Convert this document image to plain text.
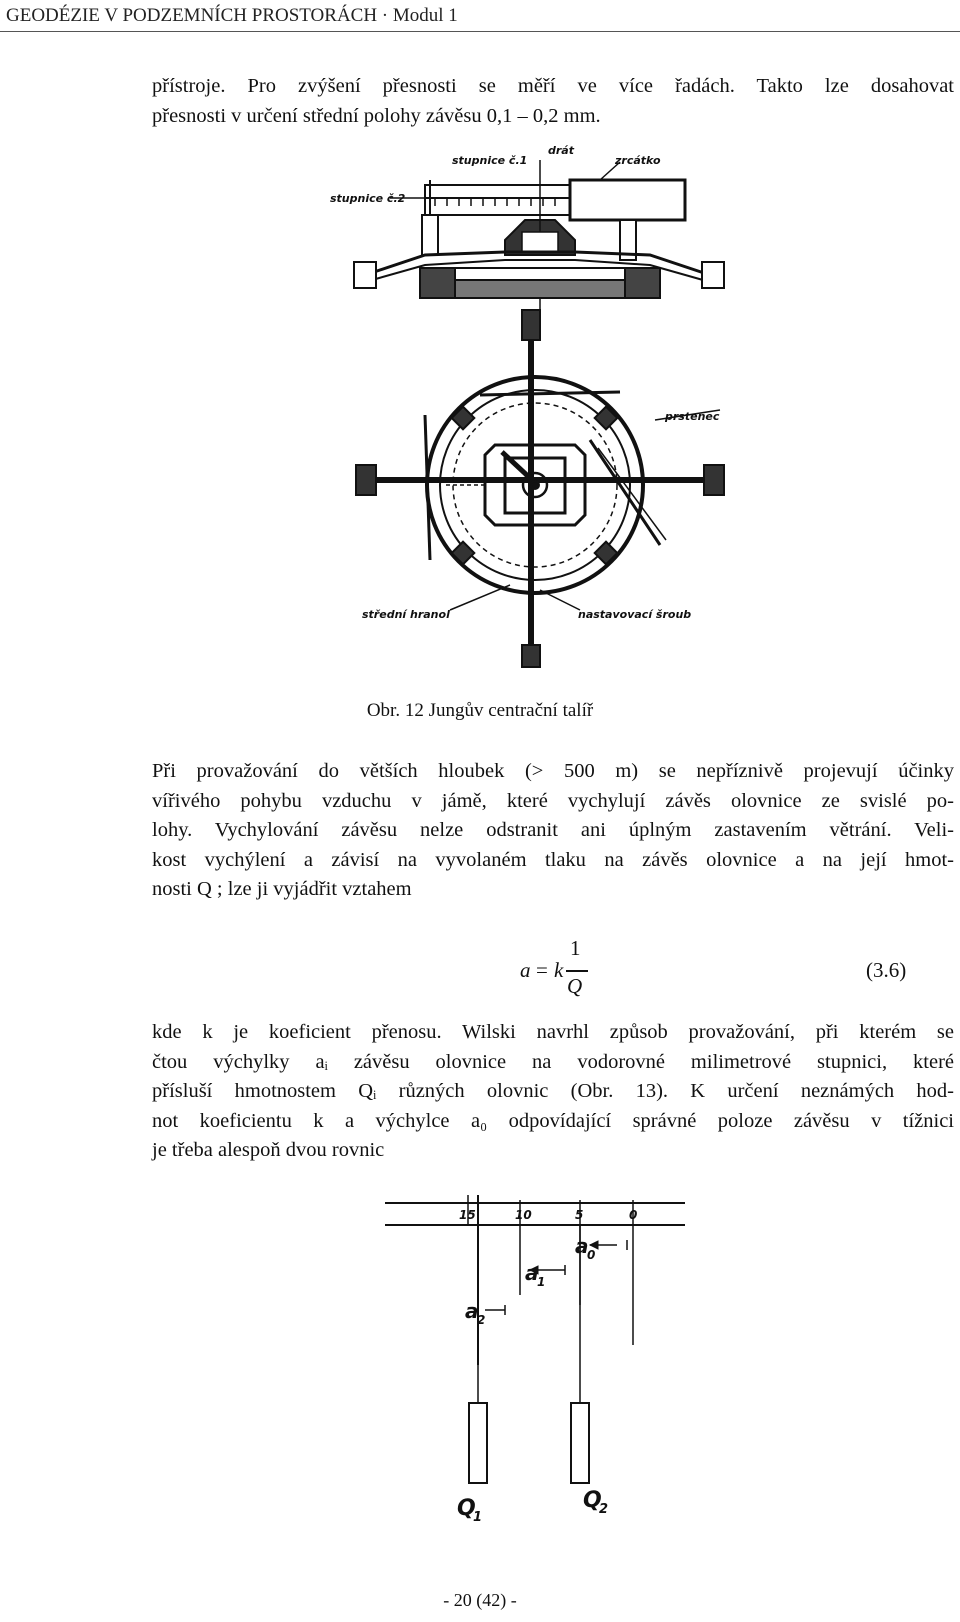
GEODÉZIE V PODZEMNÍCH PROSTORÁCH · Modul 1
přístroje. Pro zvýšení přesnosti se měří ve více řadách. Takto lze dosahovat
přesnosti v určení střední polohy závěsu 0,1 – 0,2 mm.
stupnice č.1
drát
zrcátko
stupnice č.2
prstenec
střední hranol	nastavovací šroub
Obr. 12 Jungův centrační talíř
Při provažování do větších hloubek (> 500 m) se nepříznivě projevují účinky
vířivého pohybu vzduchu v jámě, které vychylují závěs olovnice ze svislé po-
lohy. Vychylování závěsu nelze odstranit ani úplným zastavením větrání. Veli-
kost vychýlení a závisí na vyvolaném tlaku na závěs olovnice a na její hmot-
nosti Q ; lze ji vyjádřit vztahem
a = k
1
Q
(3.6)
kde k je koeficient přenosu. Wilski navrhl způsob provažování, při kterém se
čtou výchylky aᵢ závěsu olovnice na vodorovné milimetrové stupnici, které
přísluší hmotnostem Qᵢ různých olovnic (Obr. 13). K určení neznámých hod-
not koeficientu k a výchylce a₀ odpovídající správné poloze závěsu v tížnici
je třeba alespoň dvou rovnic
15	10	5	0
a
0
a
1
a
2
Q
1
Q
2
- 20 (42) -
